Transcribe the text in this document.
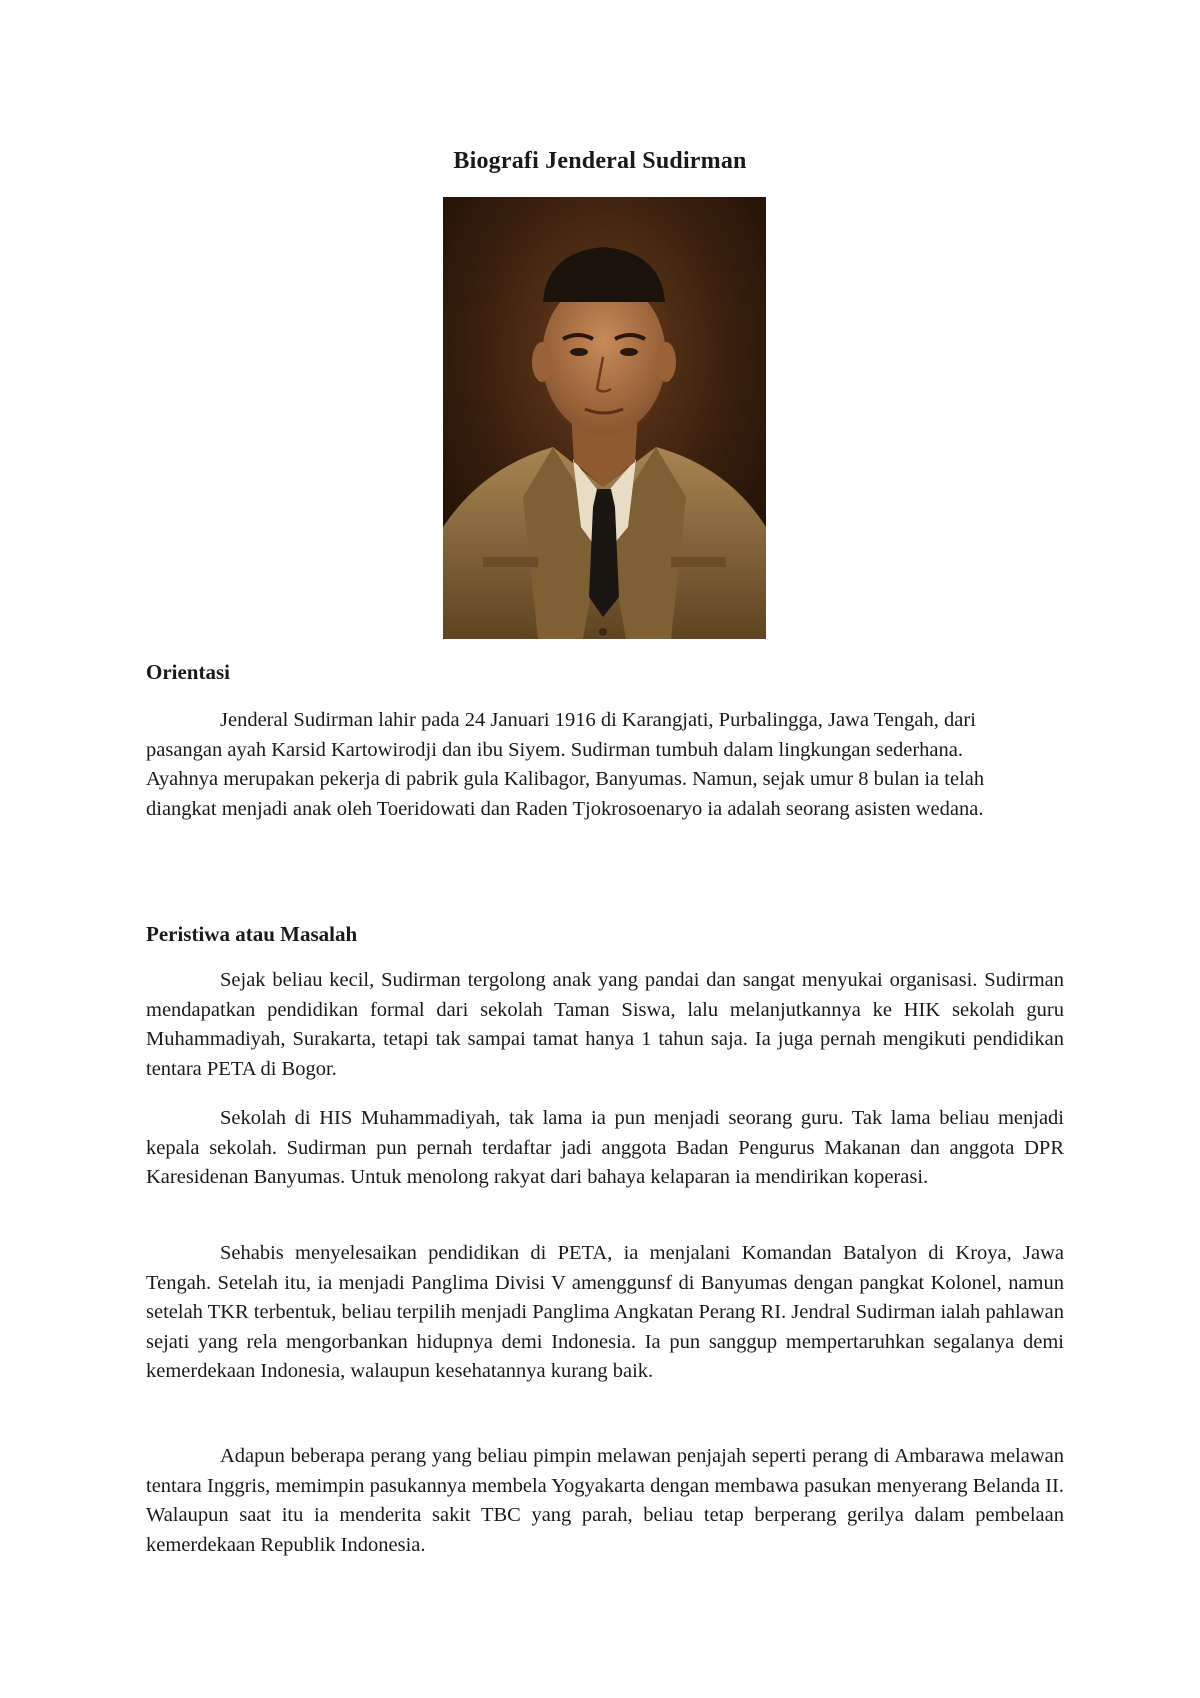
Biografi Jenderal Sudirman
Orientasi

Jenderal Sudirman lahir pada 24 Januari 1916 di Karangjati, Purbalingga, Jawa Tengah, dari pasangan ayah Karsid Kartowirodji dan ibu Siyem. Sudirman tumbuh dalam lingkungan sederhana. Ayahnya merupakan pekerja di pabrik gula Kalibagor, Banyumas. Namun, sejak umur 8 bulan ia telah diangkat menjadi anak oleh Toeridowati dan Raden Tjokrosoenaryo ia adalah seorang asisten wedana.

Peristiwa atau Masalah

Sejak beliau kecil, Sudirman tergolong anak yang pandai dan sangat menyukai organisasi. Sudirman mendapatkan pendidikan formal dari sekolah Taman Siswa, lalu melanjutkannya ke HIK sekolah guru Muhammadiyah, Surakarta, tetapi tak sampai tamat hanya 1 tahun saja. Ia juga pernah mengikuti pendidikan tentara PETA di Bogor.

Sekolah di HIS Muhammadiyah, tak lama ia pun menjadi seorang guru. Tak lama beliau menjadi kepala sekolah. Sudirman pun pernah terdaftar jadi anggota Badan Pengurus Makanan dan anggota DPR Karesidenan Banyumas. Untuk menolong rakyat dari bahaya kelaparan ia mendirikan koperasi.

Sehabis menyelesaikan pendidikan di PETA, ia menjalani Komandan Batalyon di Kroya, Jawa Tengah. Setelah itu, ia menjadi Panglima Divisi V amenggunsf di Banyumas dengan pangkat Kolonel, namun setelah TKR terbentuk, beliau terpilih menjadi Panglima Angkatan Perang RI. Jendral Sudirman ialah pahlawan sejati yang rela mengorbankan hidupnya demi Indonesia. Ia pun sanggup mempertaruhkan segalanya demi kemerdekaan Indonesia, walaupun kesehatannya kurang baik.

Adapun beberapa perang yang beliau pimpin melawan penjajah seperti perang di Ambarawa melawan tentara Inggris, memimpin pasukannya membela Yogyakarta dengan membawa pasukan menyerang Belanda II. Walaupun saat itu ia menderita sakit TBC yang parah, beliau tetap berperang gerilya dalam pembelaan kemerdekaan Republik Indonesia.
